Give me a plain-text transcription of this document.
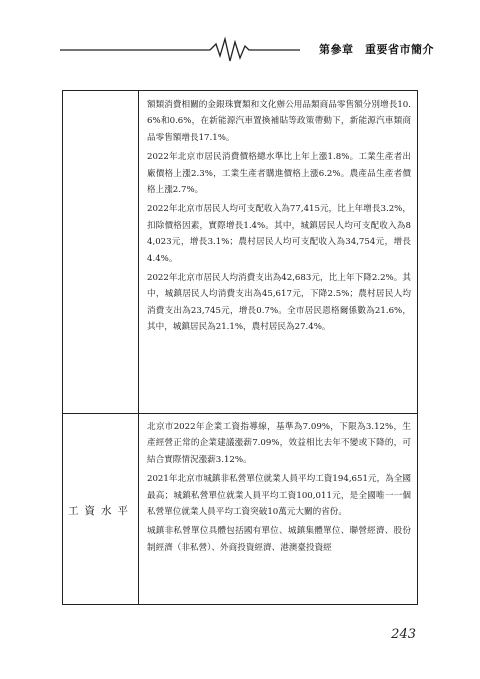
第參章　重要省市簡介

額類消費相關的金銀珠寶類和文化辦公用品類商品零售額分別增長10.6%和0.6%，在新能源汽車置換補貼等政策帶動下，新能源汽車類商品零售額增長17.1%。

2022年北京市居民消費價格總水準比上年上漲1.8%。工業生產者出廠價格上漲2.3%，工業生產者購進價格上漲6.2%。農產品生產者價格上漲2.7%。

2022年北京市居民人均可支配收入為77,415元，比上年增長3.2%，扣除價格因素，實際增長1.4%。其中，城鎮居民人均可支配收入為84,023元，增長3.1%；農村居民人均可支配收入為34,754元，增長4.4%。

2022年北京市居民人均消費支出為42,683元，比上年下降2.2%。其中，城鎮居民人均消費支出為45,617元，下降2.5%；農村居民人均消費支出為23,745元，增長0.7%。全市居民恩格爾係數為21.6%，其中，城鎮居民為21.1%，農村居民為27.4%。

工資水平

北京市2022年企業工資指導線，基準為7.09%，下限為3.12%，生產經營正常的企業建議漲薪7.09%，效益相比去年不變或下降的，可結合實際情況漲薪3.12%。

2021年北京市城鎮非私營單位就業人員平均工資194,651元，為全國最高；城鎮私營單位就業人員平均工資100,011元，是全國唯一一個私營單位就業人員平均工資突破10萬元大關的省份。

城鎮非私營單位具體包括國有單位、城鎮集體單位、聯營經濟、股份制經濟（非私營）、外商投資經濟、港澳臺投資經

243
